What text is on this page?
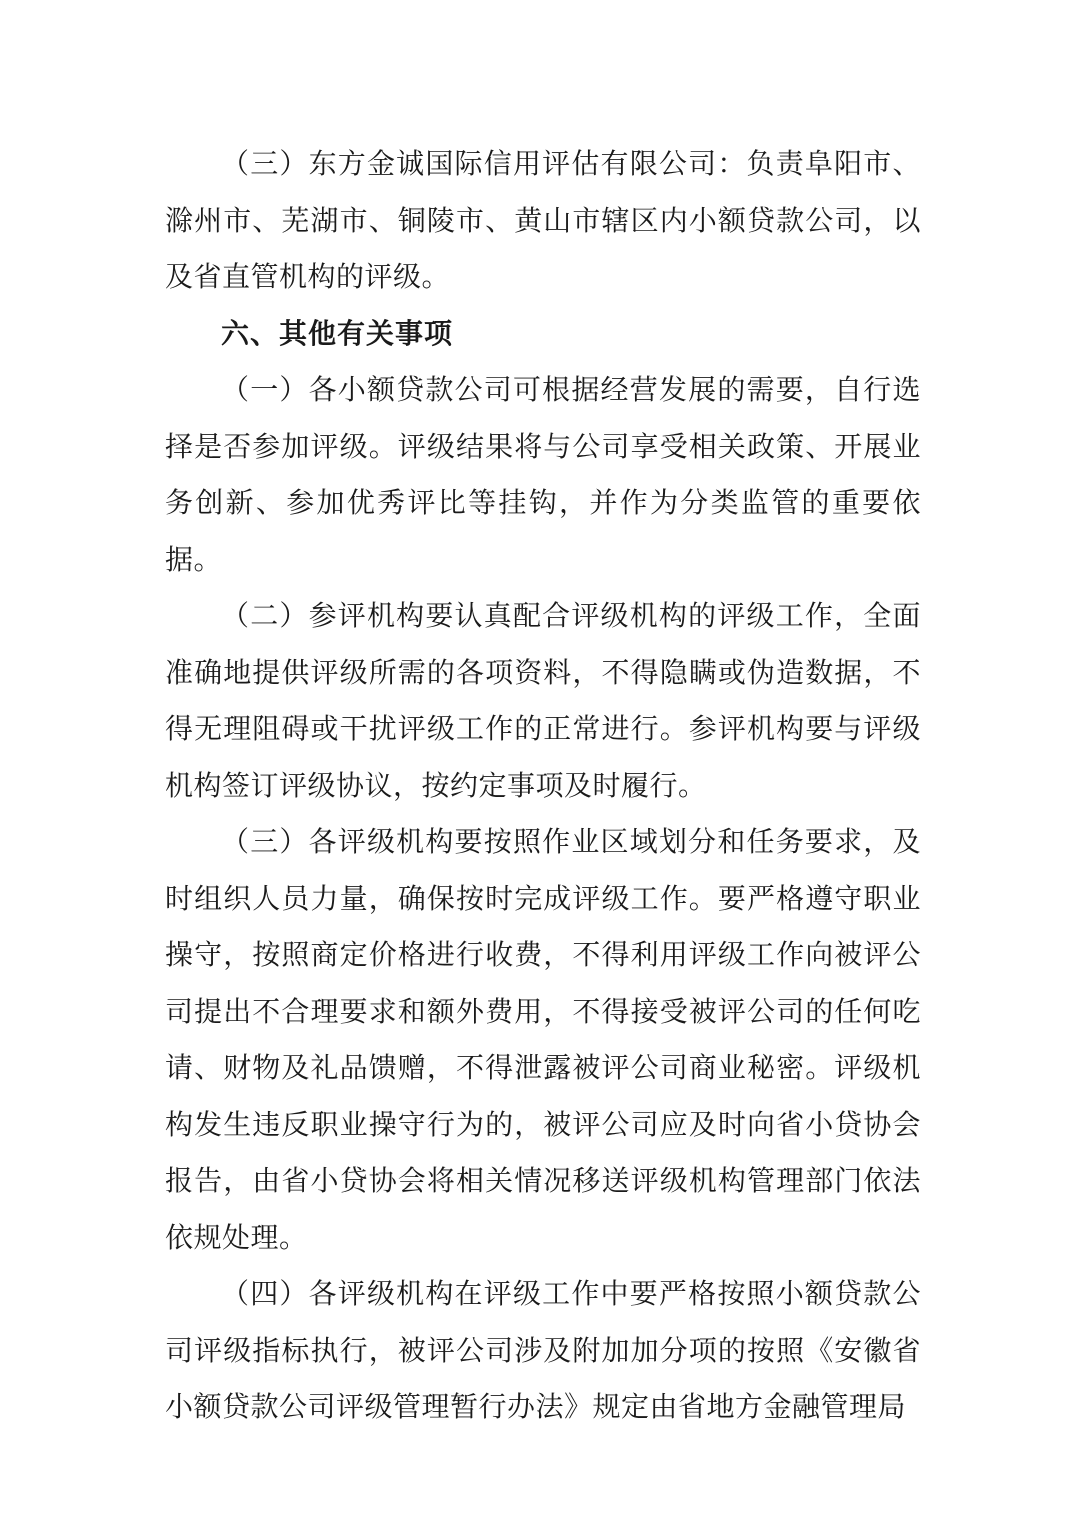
（三）东方金诚国际信用评估有限公司：负责阜阳市、滁州市、芜湖市、铜陵市、黄山市辖区内小额贷款公司，以及省直管机构的评级。

六、其他有关事项

（一）各小额贷款公司可根据经营发展的需要，自行选择是否参加评级。评级结果将与公司享受相关政策、开展业务创新、参加优秀评比等挂钩，并作为分类监管的重要依据。

（二）参评机构要认真配合评级机构的评级工作，全面准确地提供评级所需的各项资料，不得隐瞒或伪造数据，不得无理阻碍或干扰评级工作的正常进行。参评机构要与评级机构签订评级协议，按约定事项及时履行。

（三）各评级机构要按照作业区域划分和任务要求，及时组织人员力量，确保按时完成评级工作。要严格遵守职业操守，按照商定价格进行收费，不得利用评级工作向被评公司提出不合理要求和额外费用，不得接受被评公司的任何吃请、财物及礼品馈赠，不得泄露被评公司商业秘密。评级机构发生违反职业操守行为的，被评公司应及时向省小贷协会报告，由省小贷协会将相关情况移送评级机构管理部门依法依规处理。

（四）各评级机构在评级工作中要严格按照小额贷款公司评级指标执行，被评公司涉及附加加分项的按照《安徽省小额贷款公司评级管理暂行办法》规定由省地方金融管理局
